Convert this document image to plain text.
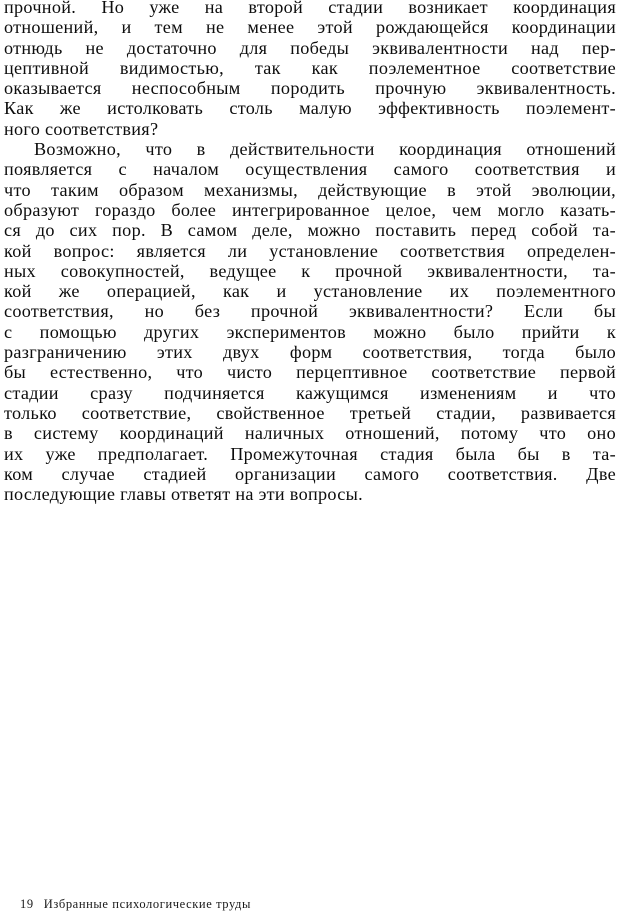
прочной. Но уже на второй стадии возникает координация
отношений, и тем не менее этой рождающейся координации
отнюдь не достаточно для победы эквивалентности над пер-
цептивной видимостью, так как поэлементное соответствие
оказывается неспособным породить прочную эквивалентность.
Как же истолковать столь малую эффективность поэлемент-
ного соответствия?
Возможно, что в действительности координация отношений
появляется с началом осуществления самого соответствия и
что таким образом механизмы, действующие в этой эволюции,
образуют гораздо более интегрированное целое, чем могло казать-
ся до сих пор. В самом деле, можно поставить перед собой та-
кой вопрос: является ли установление соответствия определен-
ных совокупностей, ведущее к прочной эквивалентности, та-
кой же операцией, как и установление их поэлементного
соответствия, но без прочной эквивалентности? Если бы
с помощью других экспериментов можно было прийти к
разграничению этих двух форм соответствия, тогда было
бы естественно, что чисто перцептивное соответствие первой
стадии сразу подчиняется кажущимся изменениям и что
только соответствие, свойственное третьей стадии, развивается
в систему координаций наличных отношений, потому что оно
их уже предполагает. Промежуточная стадия была бы в та-
ком случае стадией организации самого соответствия. Две
последующие главы ответят на эти вопросы.
19 Избранные психологические труды
